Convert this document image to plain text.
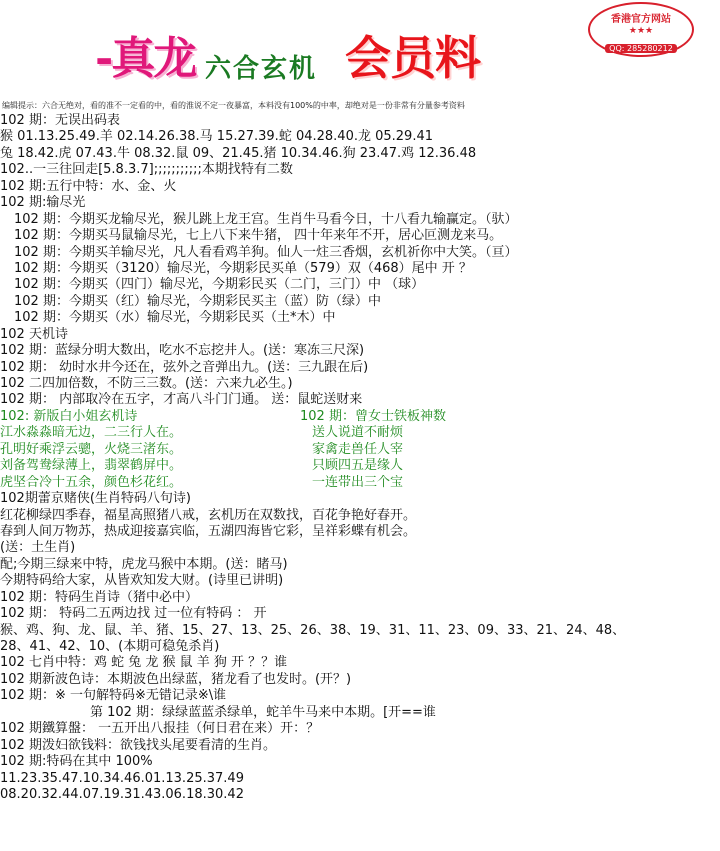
-真龙 六合玄机 会员料
香港官方网站
★★★
QQ: 285280212
编辑提示：六合无绝对，看的准不一定看的中，看的淮说不定一夜暴富，本料没有100%的中率，却绝对是一份非常有分量参考资料
102 期：无误出码表
猴 01.13.25.49.羊 02.14.26.38.马 15.27.39.蛇 04.28.40.龙 05.29.41
兔 18.42.虎 07.43.牛 08.32.鼠 09、21.45.猪 10.34.46.狗 23.47.鸡 12.36.48
102..一三往回走[5.8.3.7];;;;;;;;;;;本期找特有二数
102 期:五行中特：水、金、火
102 期:输尽光
102 期：今期买龙输尽光，猴儿跳上龙王宫。生肖牛马看今日，十八看九输赢定。（驮）
102 期：今期买马鼠输尽光，七上八下来牛猪， 四十年来年不开，居心叵测龙来马。
102 期：今期买羊输尽光，凡人看看鸡羊狗。仙人一炷三香烟，玄机祈你中大笑。（亘）
102 期：今期买（3120）输尽光，今期彩民买单（579）双（468）尾中 开 ？
102 期：今期买（四门）输尽光，今期彩民买（二门，三门）中 （球）
102 期：今期买（红）输尽光，今期彩民买主（蓝）防（绿）中
102 期：今期买（水）输尽光，今期彩民买（土*木）中
102 天机诗
102 期：蓝绿分明大数出，吃水不忘挖井人。(送：寒冻三尺深)
102 期： 幼时水井今还在，弦外之音弹出九。(送：三九跟在后)
102 二四加倍数，不防三三数。(送：六来九必生。)
102 期： 内部取冷在五字，才高八斗门门通。 送：鼠蛇送财来
102: 新版白小姐玄机诗	102 期：曾女士铁板神数
江水淼淼暗无边，二三行人在。	送人说道不耐烦
孔明好乘浮云骢，火烧三渚东。	家禽走兽任人宰
刘备驾鸯绿薄上，翡翠鹤屏中。	只顾四五是缘人
虎坚合冷十五余，颜色杉花红。	一连带出三个宝
102期蕾京赌侠(生肖特码八句诗)
红花柳绿四季春，福星高照猪八戒，玄机历在双数找，百花争艳好春开。
春到人间万物苏，热成迎接嘉宾临，五湖四海皆它彩，呈祥彩蝶有机会。
(送：土生肖)
配;今期三绿来中特，虎龙马猴中本期。(送：睹马)
今期特码给大家，从皆欢知发大财。(诗里已讲明)
102 期：特码生肖诗（猪中必中）
102 期： 特码二五两边找 过一位有特码 ： 开
猴、鸡、狗、龙、鼠、羊、猪、15、27、13、25、26、38、19、31、11、23、09、33、21、24、48、
28、41、42、10、(本期可稳兔杀肖)
102 七肖中特：鸡 蛇 兔 龙 猴 鼠 羊 狗 开 ？？谁
102 期新波色诗：本期波色出绿蓝，猪龙看了也发时。(开？)
102 期：※ 一句解特码※无错记录※\谁
第 102 期：绿绿蓝蓝杀绿单，蛇羊牛马来中本期。[开==谁
102 期鐵算盤： 一五开出八报挂（何日君在来）开：？
102 期泼妇欲钱料：欲钱找头尾要看清的生肖。
102 期:特码在其中 100%
11.23.35.47.10.34.46.01.13.25.37.49
08.20.32.44.07.19.31.43.06.18.30.42
